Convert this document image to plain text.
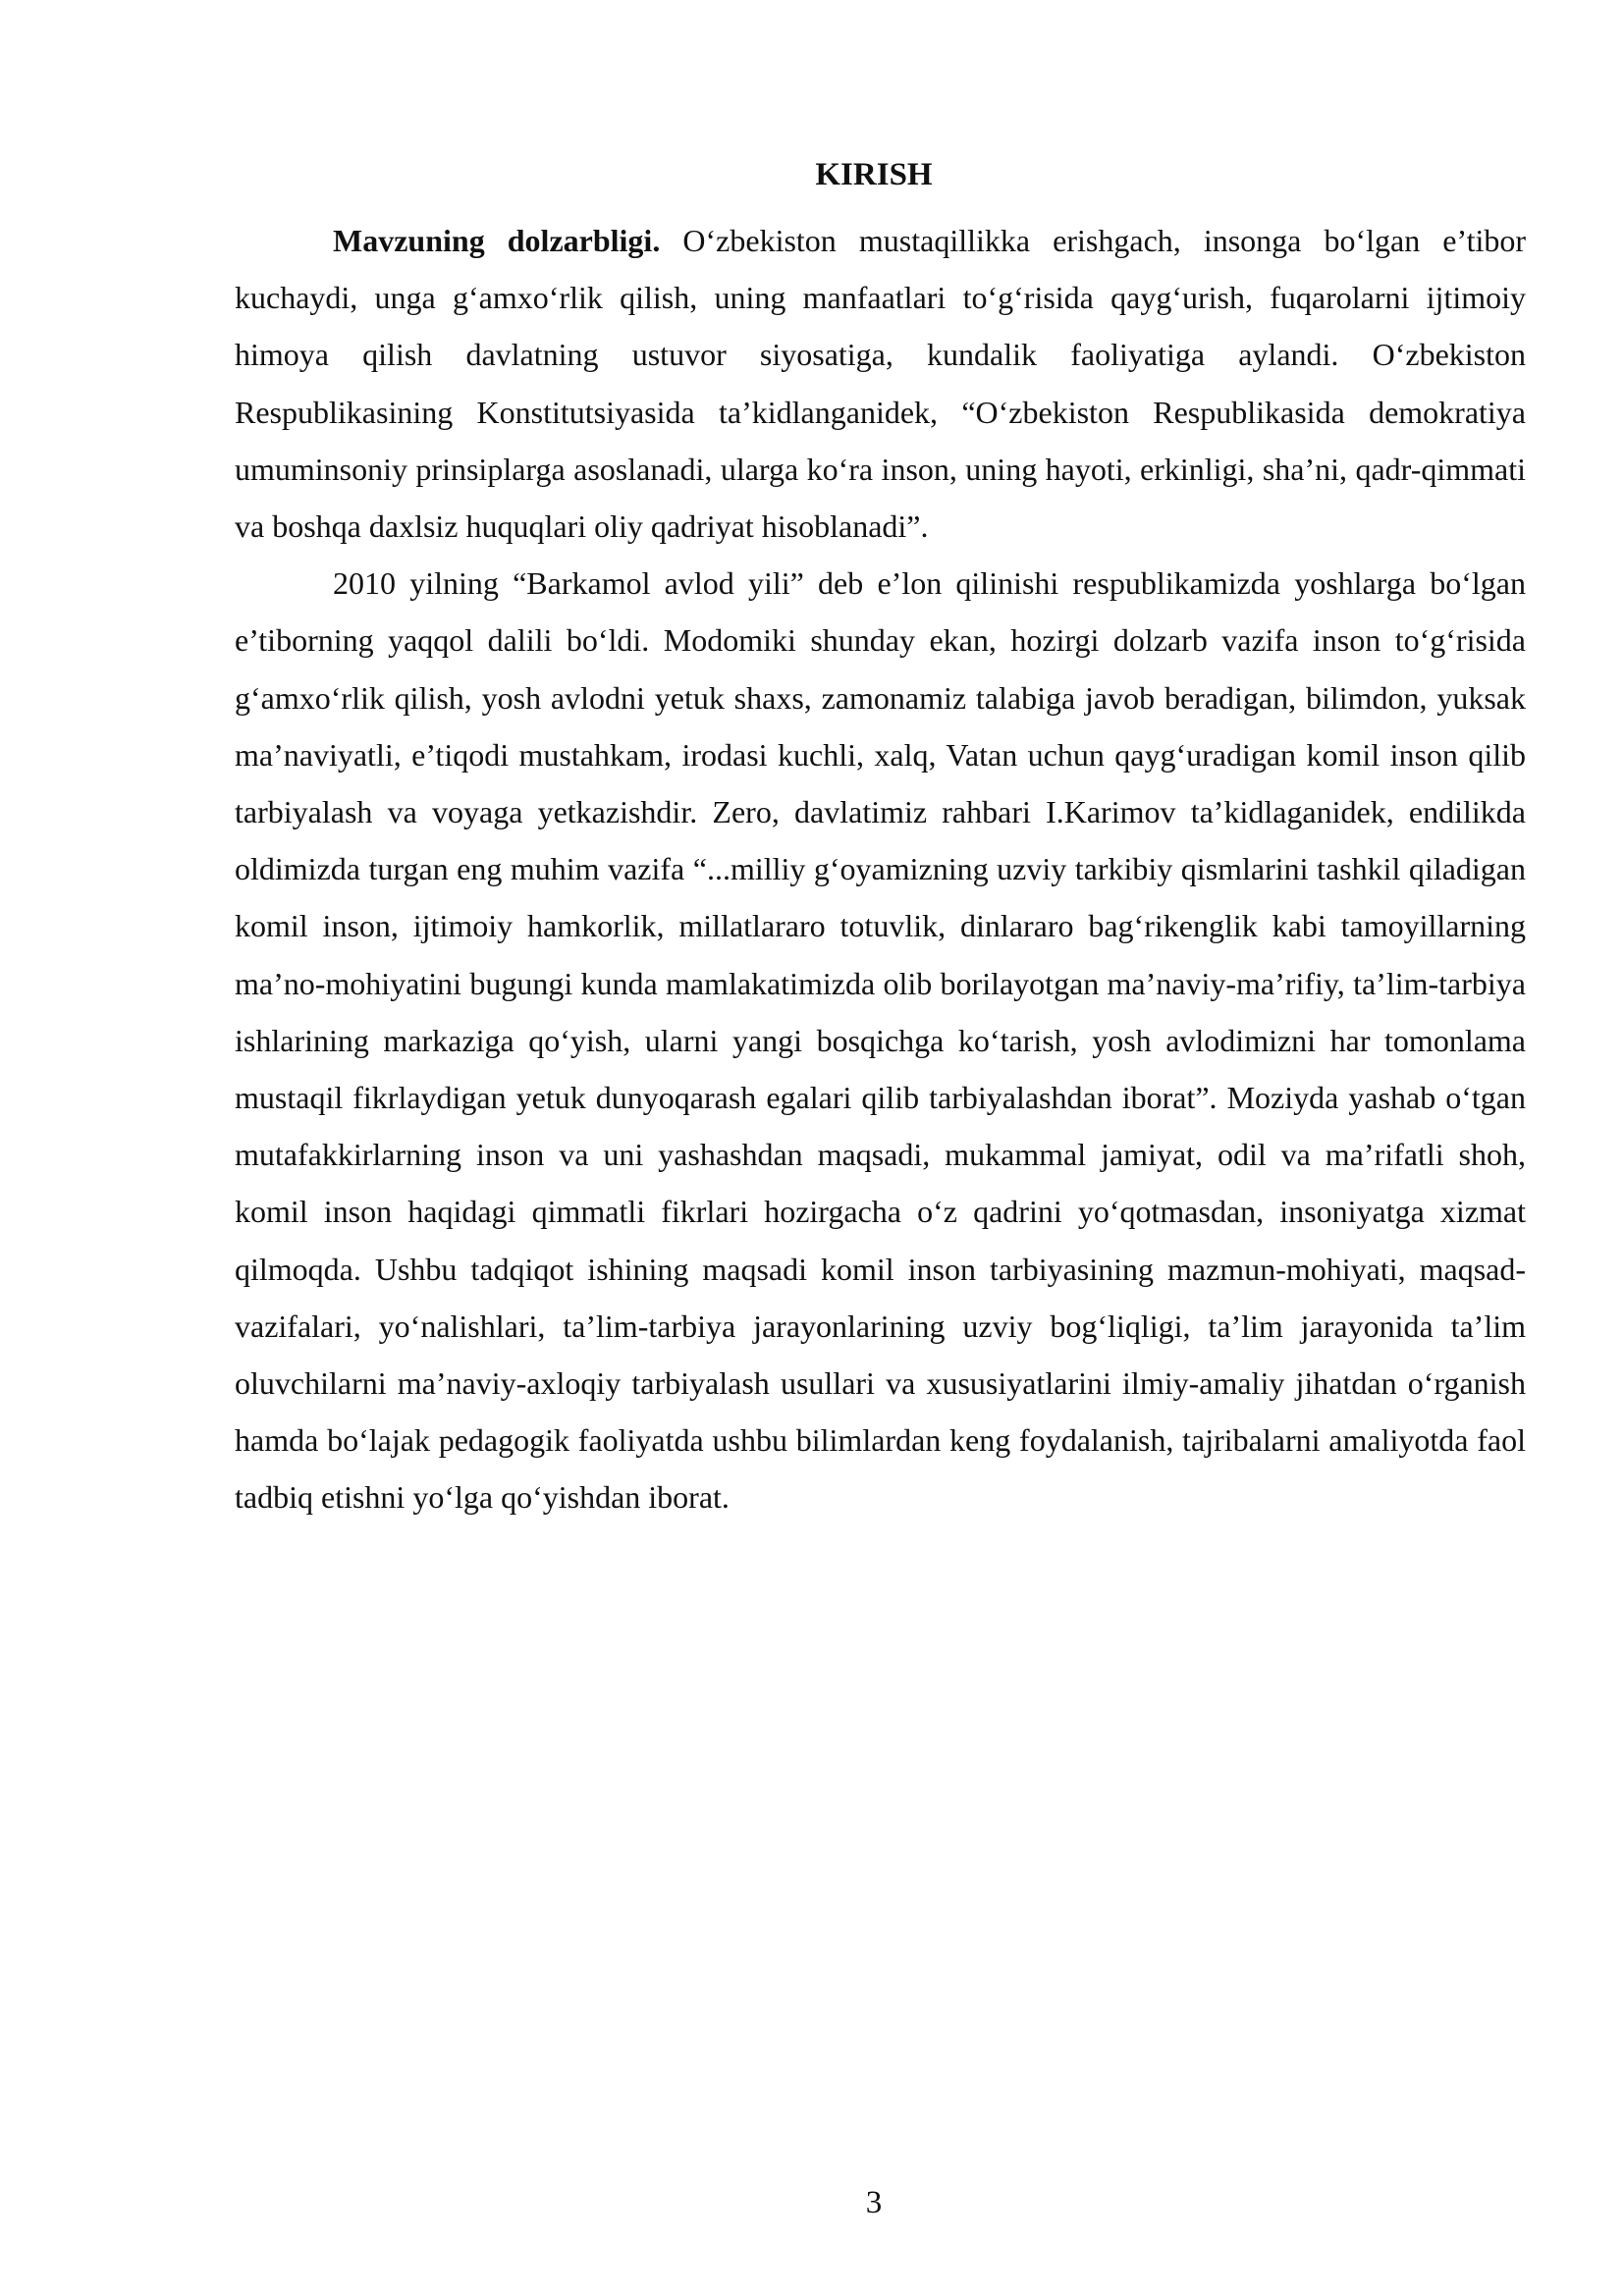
KIRISH

Mavzuning dolzarbligi. O‘zbekiston mustaqillikka erishgach, insonga bo‘lgan e’tibor kuchaydi, unga g‘amxo‘rlik qilish, uning manfaatlari to‘g‘risida qayg‘urish, fuqarolarni ijtimoiy himoya qilish davlatning ustuvor siyosatiga, kundalik faoliyatiga aylandi. O‘zbekiston Respublikasining Konstitutsiyasida ta’kidlanganidek, “O‘zbekiston Respublikasida demokratiya umuminsoniy prinsiplarga asoslanadi, ularga ko‘ra inson, uning hayoti, erkinligi, sha’ni, qadr-qimmati va boshqa daxlsiz huquqlari oliy qadriyat hisoblanadi”.

2010 yilning “Barkamol avlod yili” deb e’lon qilinishi respublikamizda yoshlarga bo‘lgan e’tiborning yaqqol dalili bo‘ldi. Modomiki shunday ekan, hozirgi dolzarb vazifa inson to‘g‘risida g‘amxo‘rlik qilish, yosh avlodni yetuk shaxs, zamonamiz talabiga javob beradigan, bilimdon, yuksak ma’naviyatli, e’tiqodi mustahkam, irodasi kuchli, xalq, Vatan uchun qayg‘uradigan komil inson qilib tarbiyalash va voyaga yetkazishdir. Zero, davlatimiz rahbari I.Karimov ta’kidlaganidek, endilikda oldimizda turgan eng muhim vazifa “...milliy g‘oyamizning uzviy tarkibiy qismlarini tashkil qiladigan komil inson, ijtimoiy hamkorlik, millatlararo totuvlik, dinlararo bag‘rikenglik kabi tamoyillarning ma’no-mohiyatini bugungi kunda mamlakatimizda olib borilayotgan ma’naviy-ma’rifiy, ta’lim-tarbiya ishlarining markaziga qo‘yish, ularni yangi bosqichga ko‘tarish, yosh avlodimizni har tomonlama mustaqil fikrlaydigan yetuk dunyoqarash egalari qilib tarbiyalashdan iborat”. Moziyda yashab o‘tgan mutafakkirlarning inson va uni yashashdan maqsadi, mukammal jamiyat, odil va ma’rifatli shoh, komil inson haqidagi qimmatli fikrlari hozirgacha o‘z qadrini yo‘qotmasdan, insoniyatga xizmat qilmoqda. Ushbu tadqiqot ishining maqsadi komil inson tarbiyasining mazmun-mohiyati, maqsad-vazifalari, yo‘nalishlari, ta’lim-tarbiya jarayonlarining uzviy bog‘liqligi, ta’lim jarayonida ta’lim oluvchilarni ma’naviy-axloqiy tarbiyalash usullari va xususiyatlarini ilmiy-amaliy jihatdan o‘rganish hamda bo‘lajak pedagogik faoliyatda ushbu bilimlardan keng foydalanish, tajribalarni amaliyotda faol tadbiq etishni yo‘lga qo‘yishdan iborat.

3
